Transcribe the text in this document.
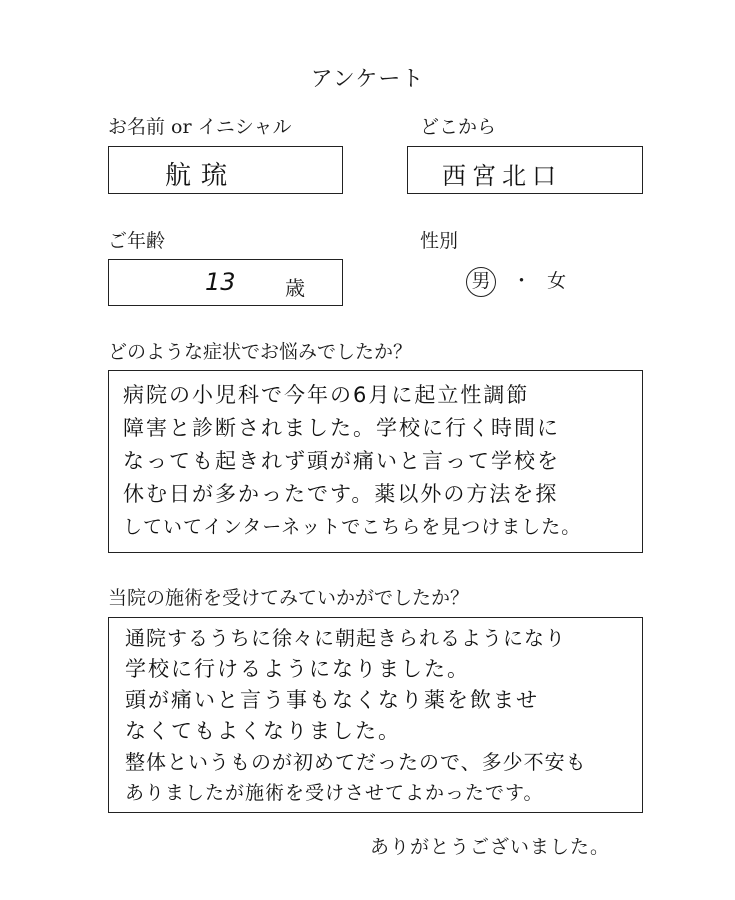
アンケート
お名前 or イニシャル
航琉
どこから
西宮北口
ご年齢
13 歳
性別
男 ・ 女
どのような症状でお悩みでしたか？
病院の小児科で今年の6月に起立性調節
障害と診断されました。学校に行く時間に
なっても起きれず頭が痛いと言って学校を
休む日が多かったです。薬以外の方法を探
していてインターネットでこちらを見つけました。
当院の施術を受けてみていかがでしたか？
通院するうちに徐々に朝起きられるようになり
学校に行けるようになりました。
頭が痛いと言う事もなくなり薬を飲ませ
なくてもよくなりました。
整体というものが初めてだったので、多少不安も
ありましたが施術を受けさせてよかったです。
ありがとうございました。
